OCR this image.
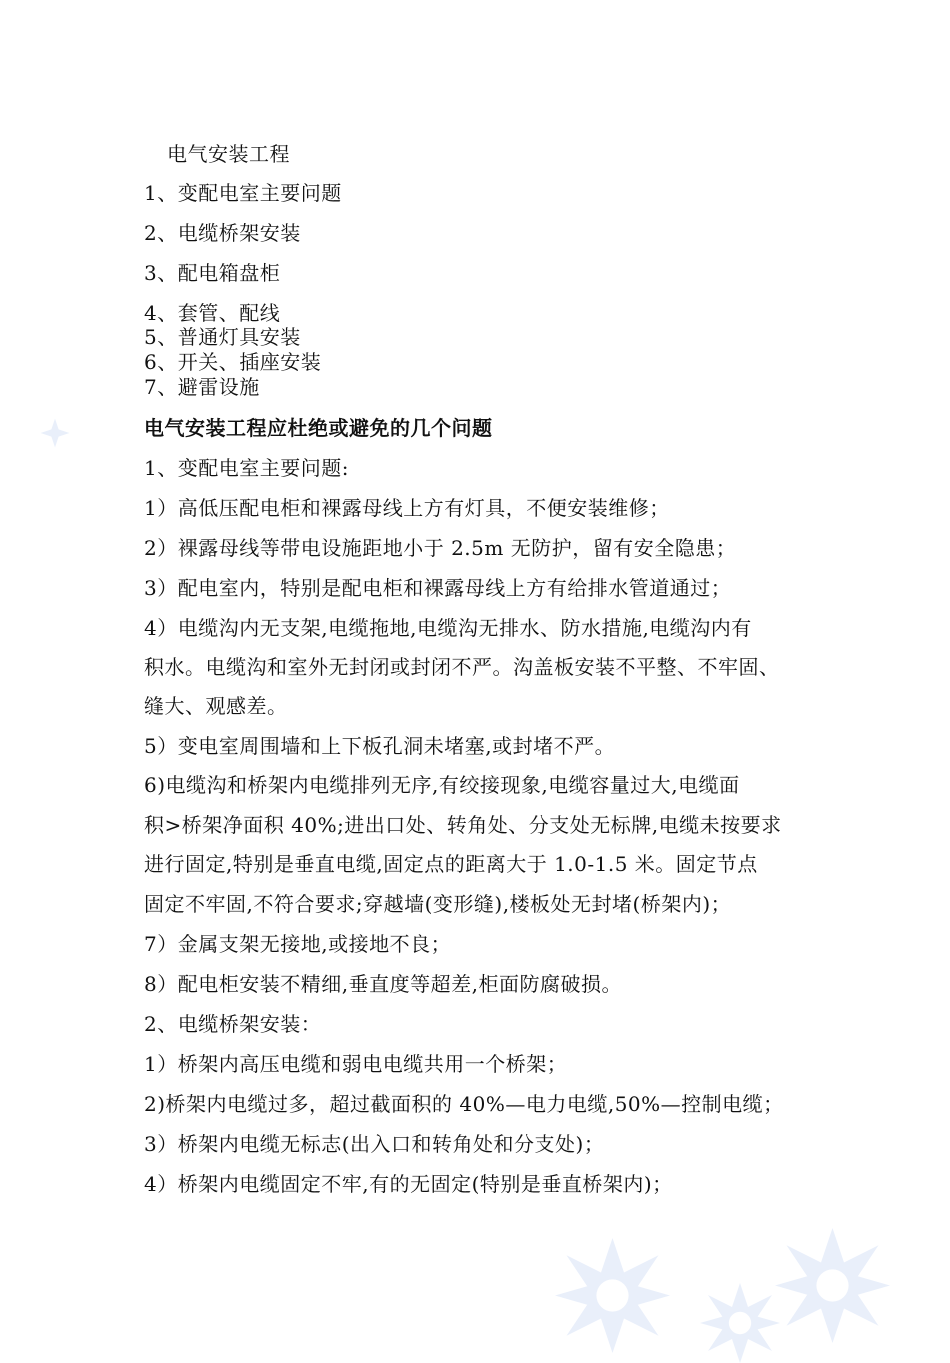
电气安装工程
1、变配电室主要问题
2、电缆桥架安装
3、配电箱盘柜
4、套管、配线
5、普通灯具安装
6、开关、插座安装
7、避雷设施
电气安装工程应杜绝或避免的几个问题
1、变配电室主要问题:
1）高低压配电柜和裸露母线上方有灯具，不便安装维修；
2）裸露母线等带电设施距地小于 2.5m 无防护，留有安全隐患；
3）配电室内，特别是配电柜和裸露母线上方有给排水管道通过；
4）电缆沟内无支架,电缆拖地,电缆沟无排水、防水措施,电缆沟内有
积水。电缆沟和室外无封闭或封闭不严。沟盖板安装不平整、不牢固、
缝大、观感差。
5）变电室周围墙和上下板孔洞未堵塞,或封堵不严。
6)电缆沟和桥架内电缆排列无序,有绞接现象,电缆容量过大,电缆面
积>桥架净面积 40%;进出口处、转角处、分支处无标牌,电缆未按要求
进行固定,特别是垂直电缆,固定点的距离大于 1.0-1.5 米。固定节点
固定不牢固,不符合要求;穿越墙(变形缝),楼板处无封堵(桥架内)；
7）金属支架无接地,或接地不良；
8）配电柜安装不精细,垂直度等超差,柜面防腐破损。
2、电缆桥架安装：
1）桥架内高压电缆和弱电电缆共用一个桥架；
2)桥架内电缆过多，超过截面积的 40%—电力电缆,50%—控制电缆；
3）桥架内电缆无标志(出入口和转角处和分支处)；
4）桥架内电缆固定不牢,有的无固定(特别是垂直桥架内)；
